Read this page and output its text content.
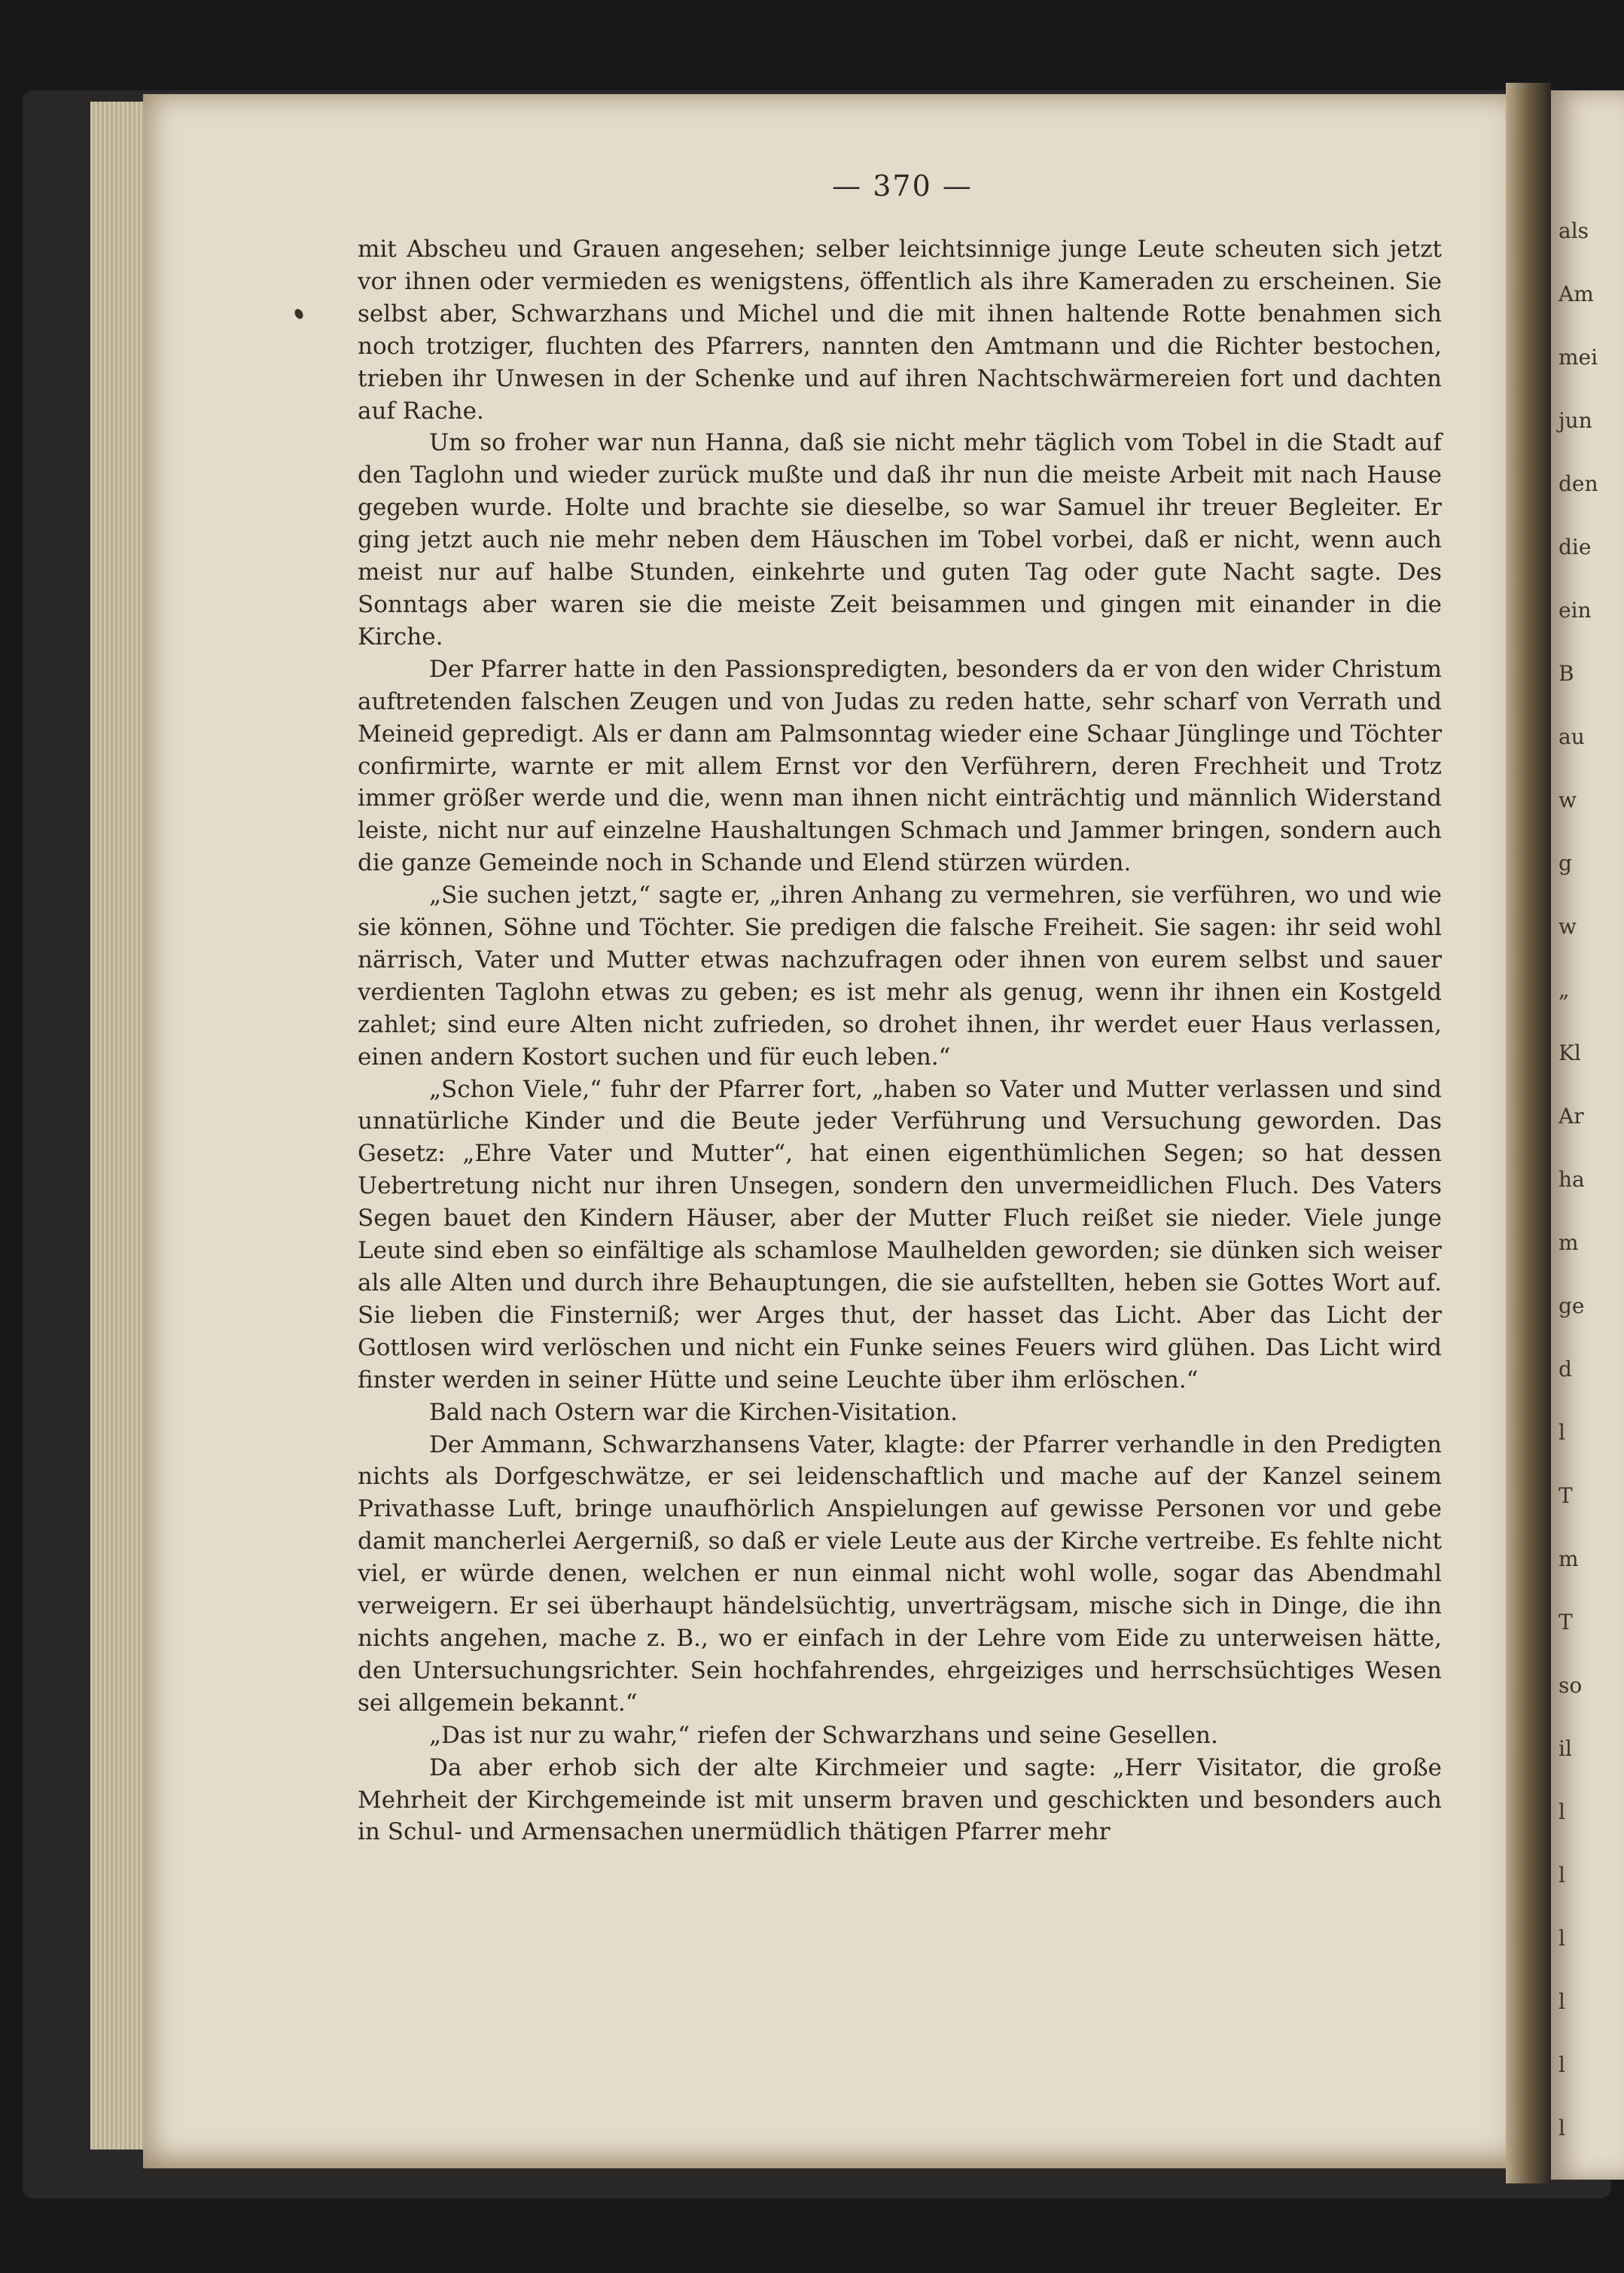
als
Am
mei
jun
den
die
ein
B
au
w
g
w
„
Kl
Ar
ha
m
ge
d
l
T
m
T
so
il
l
l
l
l
l
l
— 370 —

mit Abscheu und Grauen angesehen; selber leichtsinnige junge Leute scheuten sich jetzt vor ihnen oder vermieden es wenigstens, öffentlich als ihre Kameraden zu erscheinen. Sie selbst aber, Schwarzhans und Michel und die mit ihnen haltende Rotte benahmen sich noch trotziger, fluchten des Pfarrers, nannten den Amtmann und die Richter bestochen, trieben ihr Unwesen in der Schenke und auf ihren Nachtschwärmereien fort und dachten auf Rache.

Um so froher war nun Hanna, daß sie nicht mehr täglich vom Tobel in die Stadt auf den Taglohn und wieder zurück mußte und daß ihr nun die meiste Arbeit mit nach Hause gegeben wurde. Holte und brachte sie dieselbe, so war Samuel ihr treuer Begleiter. Er ging jetzt auch nie mehr neben dem Häuschen im Tobel vorbei, daß er nicht, wenn auch meist nur auf halbe Stunden, einkehrte und guten Tag oder gute Nacht sagte. Des Sonntags aber waren sie die meiste Zeit beisammen und gingen mit einander in die Kirche.

Der Pfarrer hatte in den Passionspredigten, besonders da er von den wider Christum auftretenden falschen Zeugen und von Judas zu reden hatte, sehr scharf von Verrath und Meineid gepredigt. Als er dann am Palmsonntag wieder eine Schaar Jünglinge und Töchter confirmirte, warnte er mit allem Ernst vor den Verführern, deren Frechheit und Trotz immer größer werde und die, wenn man ihnen nicht einträchtig und männlich Widerstand leiste, nicht nur auf einzelne Haushaltungen Schmach und Jammer bringen, sondern auch die ganze Gemeinde noch in Schande und Elend stürzen würden.

„Sie suchen jetzt,“ sagte er, „ihren Anhang zu vermehren, sie verführen, wo und wie sie können, Söhne und Töchter. Sie predigen die falsche Freiheit. Sie sagen: ihr seid wohl närrisch, Vater und Mutter etwas nachzufragen oder ihnen von eurem selbst und sauer verdienten Taglohn etwas zu geben; es ist mehr als genug, wenn ihr ihnen ein Kostgeld zahlet; sind eure Alten nicht zufrieden, so drohet ihnen, ihr werdet euer Haus verlassen, einen andern Kostort suchen und für euch leben.“

„Schon Viele,“ fuhr der Pfarrer fort, „haben so Vater und Mutter verlassen und sind unnatürliche Kinder und die Beute jeder Verführung und Versuchung geworden. Das Gesetz: „Ehre Vater und Mutter“, hat einen eigenthümlichen Segen; so hat dessen Uebertretung nicht nur ihren Unsegen, sondern den unvermeidlichen Fluch. Des Vaters Segen bauet den Kindern Häuser, aber der Mutter Fluch reißet sie nieder. Viele junge Leute sind eben so einfältige als schamlose Maulhelden geworden; sie dünken sich weiser als alle Alten und durch ihre Behauptungen, die sie aufstellten, heben sie Gottes Wort auf. Sie lieben die Finsterniß; wer Arges thut, der hasset das Licht. Aber das Licht der Gottlosen wird verlöschen und nicht ein Funke seines Feuers wird glühen. Das Licht wird finster werden in seiner Hütte und seine Leuchte über ihm erlöschen.“

Bald nach Ostern war die Kirchen-Visitation.

Der Ammann, Schwarzhansens Vater, klagte: der Pfarrer verhandle in den Predigten nichts als Dorfgeschwätze, er sei leidenschaftlich und mache auf der Kanzel seinem Privathasse Luft, bringe unaufhörlich Anspielungen auf gewisse Personen vor und gebe damit mancherlei Aergerniß, so daß er viele Leute aus der Kirche vertreibe. Es fehlte nicht viel, er würde denen, welchen er nun einmal nicht wohl wolle, sogar das Abendmahl verweigern. Er sei überhaupt händelsüchtig, unverträgsam, mische sich in Dinge, die ihn nichts angehen, mache z. B., wo er einfach in der Lehre vom Eide zu unterweisen hätte, den Untersuchungsrichter. Sein hochfahrendes, ehrgeiziges und herrschsüchtiges Wesen sei allgemein bekannt.“

„Das ist nur zu wahr,“ riefen der Schwarzhans und seine Gesellen.

Da aber erhob sich der alte Kirchmeier und sagte: „Herr Visitator, die große Mehrheit der Kirchgemeinde ist mit unserm braven und geschickten und besonders auch in Schul- und Armensachen unermüdlich thätigen Pfarrer mehr
